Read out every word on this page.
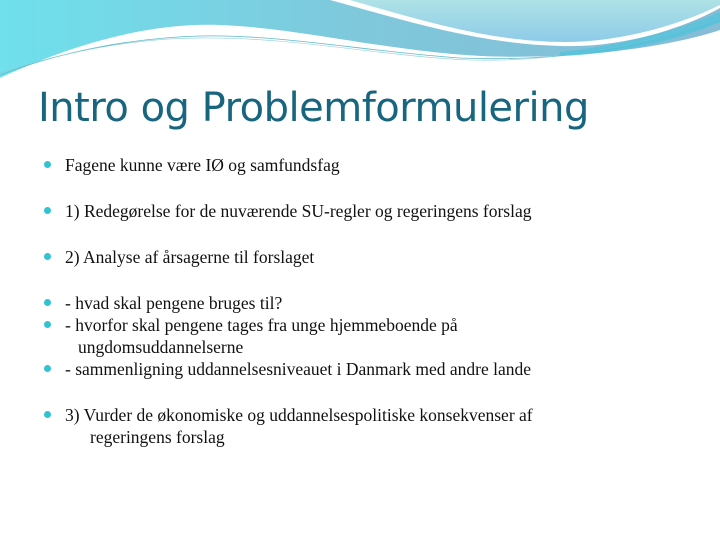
Intro og Problemformulering
Fagene kunne være IØ og samfundsfag
1) Redegørelse for de nuværende SU-regler og regeringens forslag
2) Analyse af årsagerne til forslaget
- hvad skal pengene bruges til?
- hvorfor skal pengene tages fra unge hjemmeboende på
ungdomsuddannelserne
- sammenligning uddannelsesniveauet i Danmark med andre lande
3) Vurder de økonomiske og uddannelsespolitiske konsekvenser af
regeringens forslag
